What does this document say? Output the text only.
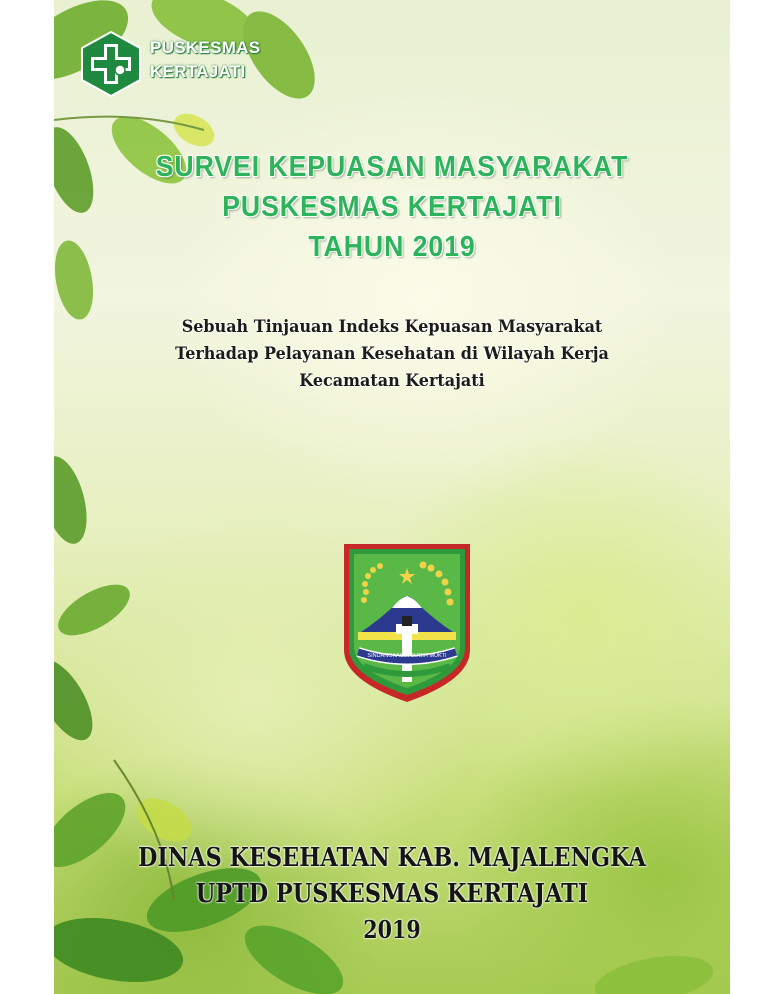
PUSKESMAS
KERTAJATI
SURVEI KEPUASAN MASYARAKAT
PUSKESMAS KERTAJATI
TAHUN 2019
Sebuah Tinjauan Indeks Kepuasan Masyarakat
Terhadap Pelayanan Kesehatan di Wilayah Kerja
Kecamatan Kertajati
SINDANGKASIH SUGIH MUKTI
DINAS KESEHATAN KAB. MAJALENGKA
UPTD PUSKESMAS KERTAJATI
2019
